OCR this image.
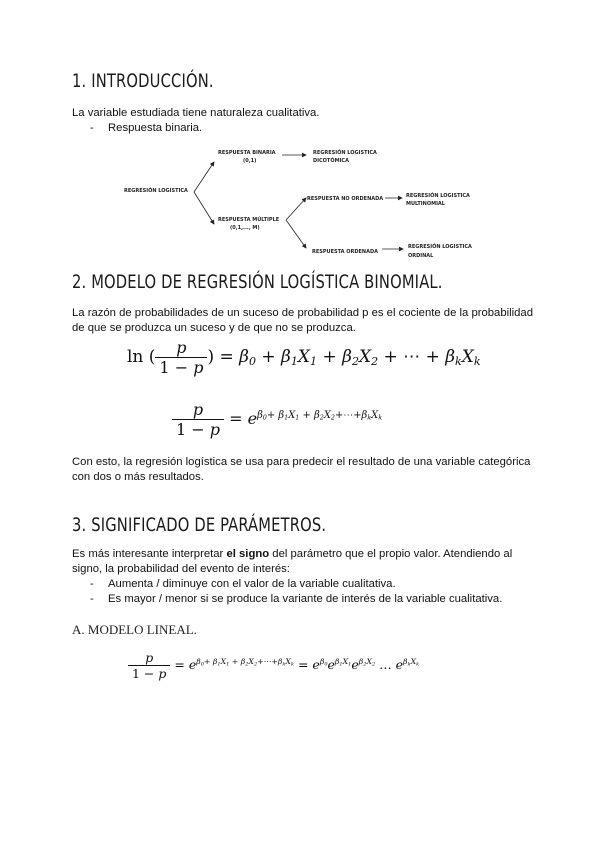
1. INTRODUCCIÓN.
La variable estudiada tiene naturaleza cualitativa.
- Respuesta binaria.
REGRESIÓN LOGISTICA
RESPUESTA BINARIA
(0,1)
REGRESIÓN LOGISTICA
DICOTÓMICA
RESPUESTA MÚLTIPLE
(0,1,..., M)
RESPUESTA NO ORDENADA	REGRESIÓN LOGISTICA
MULTINOMIAL
RESPUESTA ORDENADA
REGRESIÓN LOGISTICA
ORDINAL
2. MODELO DE REGRESIÓN LOGÍSTICA BINOMIAL.
La razón de probabilidades de un suceso de probabilidad p es el cociente de la probabilidad
de que se produzca un suceso y de que no se produzca.
ln ( $\frac{p}{1 - p}$ ) = $\beta_0 + \beta_1X_1 + \beta_2X_2$ + ⋯ + $\beta_kX_k$
$\frac{p}{1 - p} = e^{\beta_0+ \beta_1X_1 + \beta_2X_2+\cdots+\beta_kX_k}$
Con esto, la regresión logística se usa para predecir el resultado de una variable categórica
con dos o más resultados.
3. SIGNIFICADO DE PARÁMETROS.
Es más interesante interpretar el signo del parámetro que el propio valor. Atendiendo al
signo, la probabilidad del evento de interés:
- Aumenta / diminuye con el valor de la variable cualitativa.
- Es mayor / menor si se produce la variante de interés de la variable cualitativa.
A. MODELO LINEAL.
$\frac{p}{1 - p} = e^{\beta_0+ \beta_1X_1 + \beta_2X_2+\cdots+\beta_kX_k} = e^{\beta_0}e^{\beta_1X_1}e^{\beta_2X_2}$ … $e^{\beta_kX_k}$
